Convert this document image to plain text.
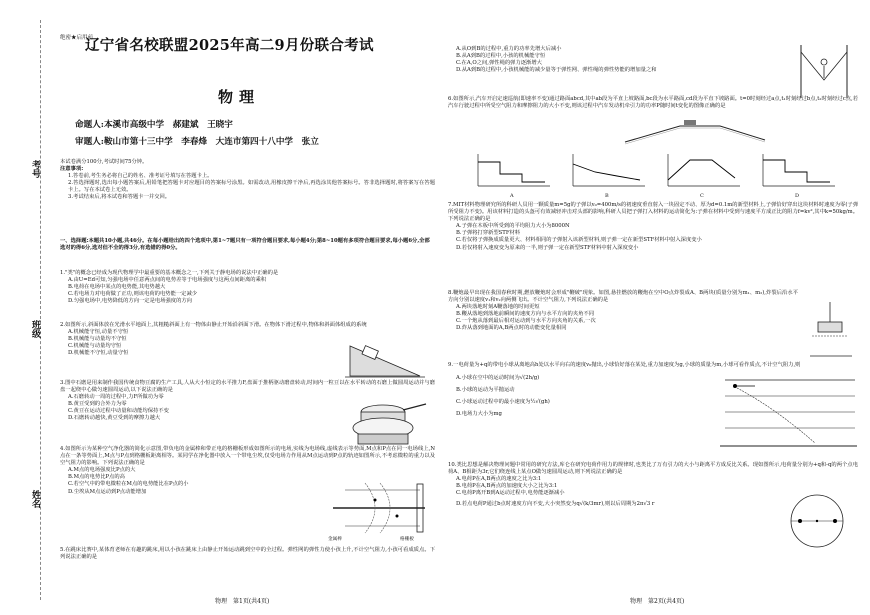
考号
班级
姓名
绝密★启用前
辽宁省名校联盟2025年高二9月份联合考试
物理
命题人:本溪市高级中学　郝建斌　王晓宇
审题人:鞍山市第十三中学　李春烽　大连市第四十八中学　张立

本试卷满分100分,考试时间75分钟。

注意事项:

1.答卷前,考生务必将自己的姓名、准考证号填写在答题卡上。

2.答选择题时,选出每小题答案后,用铅笔把答题卡对应题目的答案标号涂黑。如需改动,用橡皮擦干净后,再选涂其他答案标号。答非选择题时,将答案写在答题卡上。写在本试卷上无效。

3.考试结束后,将本试卷和答题卡一并交回。

一、选择题:本题共10小题,共46分。在每小题给出的四个选项中,第1~7题只有一项符合题目要求,每小题4分;第8~10题有多项符合题目要求,每小题6分,全部选对的得6分,选对但不全的得3分,有选错的得0分。

1."类"的概念已经成为现代物理学中最重要的基本概念之一,下列关于静电场的说法中正确的是

A.由U=Ed可知,匀强电场中任意两点间的电势差等于电场强度与这两点间距离的乘积

B.电荷在电场中某点的电势能,其电势越大

C.若电场力对电荷做了正功,则该电荷的电势能一定减少

D.匀强电场中,电势降低的方向一定是电场强度的方向

2.如图所示,斜面体放在光滑水平地面上,其粗糙斜面上有一物体由静止开始沿斜面下滑。在物体下滑过程中,物体和斜面体组成的系统

A.机械能守恒,动量不守恒

B.机械能与动量均不守恒

C.机械能与动量均守恒

D.机械能不守恒,动量守恒

3.图中石磨是用来制作我国传统食物豆腐的生产工具,人从大小恒定的水平推力F,盘面于推柄驱动磨盘转动,时间内一粒豆以在水平转动的石磨上做圆周运动并与磨盘一起绕中心做匀速圆周运动,以下说法正确的是

A.石磨转动一周的过程中,力F所做功为零

B.黄豆受到的合外力为零

C.黄豆在运动过程中动量和动能均保持不变

D.石磨转动越快,黄豆受到的摩擦力越大

4.如图所示为某种空气净化器的简化示意图,带负电的金属棒和带正电的格栅板形成如图所示的电场,实线为电场线,虚线表示等势面,M点和P点在同一电场线上,N点在一条等势面上,M点与P点到格栅板距离相等。某同学在净化器中放入一个带电尘埃,仅受电场力作用从M点运动到P点的轨迹如图所示,不考虑微粒的重力以及空气阻力的影响。下列说法正确的是

A.M点的电场强度比P点的大

B.M点的电势比P点的高

C.若空气中的带电微粒在M点的电势能比在P点的小

D.尘埃从M点运动到P点动能增加

金属棒	格栅板

5.在跳床比赛中,某体育老师在有趣的跳床,用以小孩在跳床上由静止开始运动跳到空中的全过程。弹性网的弹性力使小孩上升,不计空气阻力,小孩可看成质点。下列说法正确的是

物理　第1页(共4页)

A.从O到B的过程中,重力的功率先增大后减小

B.从A到B的过程中,小孩的机械能守恒

C.在A,O之间,弹性绳的弹力逐渐增大

D.从A到B的过程中,小孩机械能的减少量等于弹性网、弹性绳的弹性势能的增加量之和

6.如图所示,汽车开启定速巡航(即速率不变)通过路面abcd,其中ab段为平直上坡路面,bc段为水平路面,cd段为平直下坡路面。t=0时刻经过a点,t₁时刻经过b点,t₂时刻经过c点,若汽车行驶过程中所受空气阻力和摩擦阻力的大小不变,则该过程中汽车发动机牵引力的功率P随时间t变化的图像正确的是

A	B	C	D

7.MIT材料物理研究所的科研人员用一颗质量m=5g的子弹以v₀=400m/s的初速度垂直射入一块固定不动、厚为d=0.1m的新型材料上,子弹恰好穿出这块材料时速度为零(子弹所受阻力不变)。用该材料打造的头盔可有效减轻冲击对头部的影响,科研人员把子弹打入材料的运动简化为:子弹在材料中受到与速度平方成正比的阻力f=kv²,其中k=50kg/m。下列说法正确的是

A.子弹在木板中所受到的平均阻力大小为8000N

B.子弹将打穿新型STF材料

C.若仅将子弹换成质量更大、材料相同的子弹射入该新型材料,则子弹一定在新型STF材料中射入深度变小

D.若仅将射入速度变为原来的一半,则子弹一定在新型STF材料中射入深度变小

8.鞭炮最早出现在我国春秋时期,燃放鞭炮时会形成"鞭破"现象。如图,悬挂燃放的鞭炮在空中O点炸裂成A、B两块(质量分别为m₁、m₂),炸裂后沿水平方向分别以速度v₁和v₂向两侧飞出。不计空气阻力,下列说法正确的是

A.两块落地时刻A鞭落地的时间更短

B.鞭从落地到落地前瞬间的速度方向与水平方向的夹角不同

C.一个炮从落到最后相对运动到与水平方向夹角的关系,一次

D.炸从落到地面的A,B两点时的动能变化量相同

9.一电荷量为+q的带电小球从离地高h处以水平向右的速度v₀抛出,小球恰好落在某处,重力加速度为g,小球的质量为m,小球可看作质点,不计空气阻力,则

A.小球在空中的运动时间为√(2h/g)

B.小球的运动为平抛运动

C.小球运动过程中的最小速度为½√(gh)

D.电场力大小为mg

10.类比思想是解决物理问题中常用的研究方法,库仑在研究电荷作用力的规律时,也类比了万有引力的大小与距离平方成反比关系。现如图所示,电荷量分别为+q和-q的两个点电荷A、B相距为3r,它们绕连线上某点O做匀速圆周运动,则下列说法正确的是

A.电荷P在A,B两点的速度之比为3:1

B.电荷P在A,B两点的加速度大小之比为3:1

C.电荷P离开B到A运动过程中,电势能逐渐减小

D.若点电荷P通过b点时速度方向不变,大小突然变为q√(k/3mr),则以后周期为2π√3 r

物理　第2页(共4页)
